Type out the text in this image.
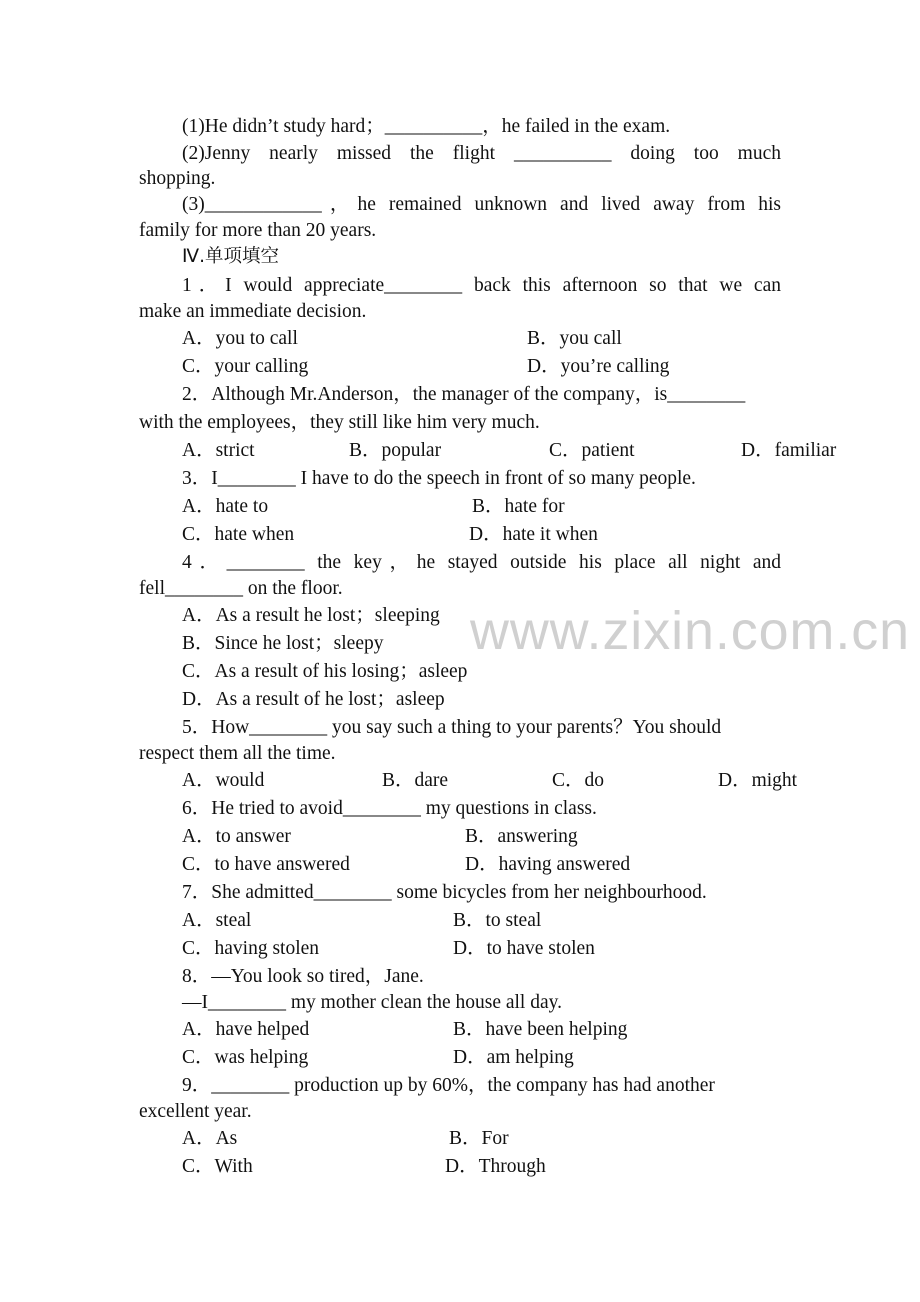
(1)He didn’t study hard；__________，he failed in the exam.
(2)Jenny nearly missed the flight __________ doing too much
shopping.
(3)____________，he remained unknown and lived away from his
family for more than 20 years.
Ⅳ.单项填空
1．I would appreciate________ back this afternoon so that we can
make an immediate decision.
A．you to call	B．you call
C．your calling	D．you’re calling
2．Although Mr.Anderson，the manager of the company，is________
with the employees，they still like him very much.
A．strict	B．popular	C．patient	D．familiar
3．I________ I have to do the speech in front of so many people.
A．hate to	B．hate for
C．hate when	D．hate it when
4．________ the key，he stayed outside his place all night and
fell________ on the floor.
A．As a result he lost；sleeping
B．Since he lost；sleepy
C．As a result of his losing；asleep
D．As a result of he lost；asleep
5．How________ you say such a thing to your parents？You should
respect them all the time.
A．would	B．dare	C．do	D．might
6．He tried to avoid________ my questions in class.
A．to answer	B．answering
C．to have answered	D．having answered
7．She admitted________ some bicycles from her neighbourhood.
A．steal	B．to steal
C．having stolen	D．to have stolen
8．—You look so tired，Jane.
—I________ my mother clean the house all day.
A．have helped	B．have been helping
C．was helping	D．am helping
9．________ production up by 60%，the company has had another
excellent year.
A．As	B．For
C．With	D．Through
www.zixin.com.cn
